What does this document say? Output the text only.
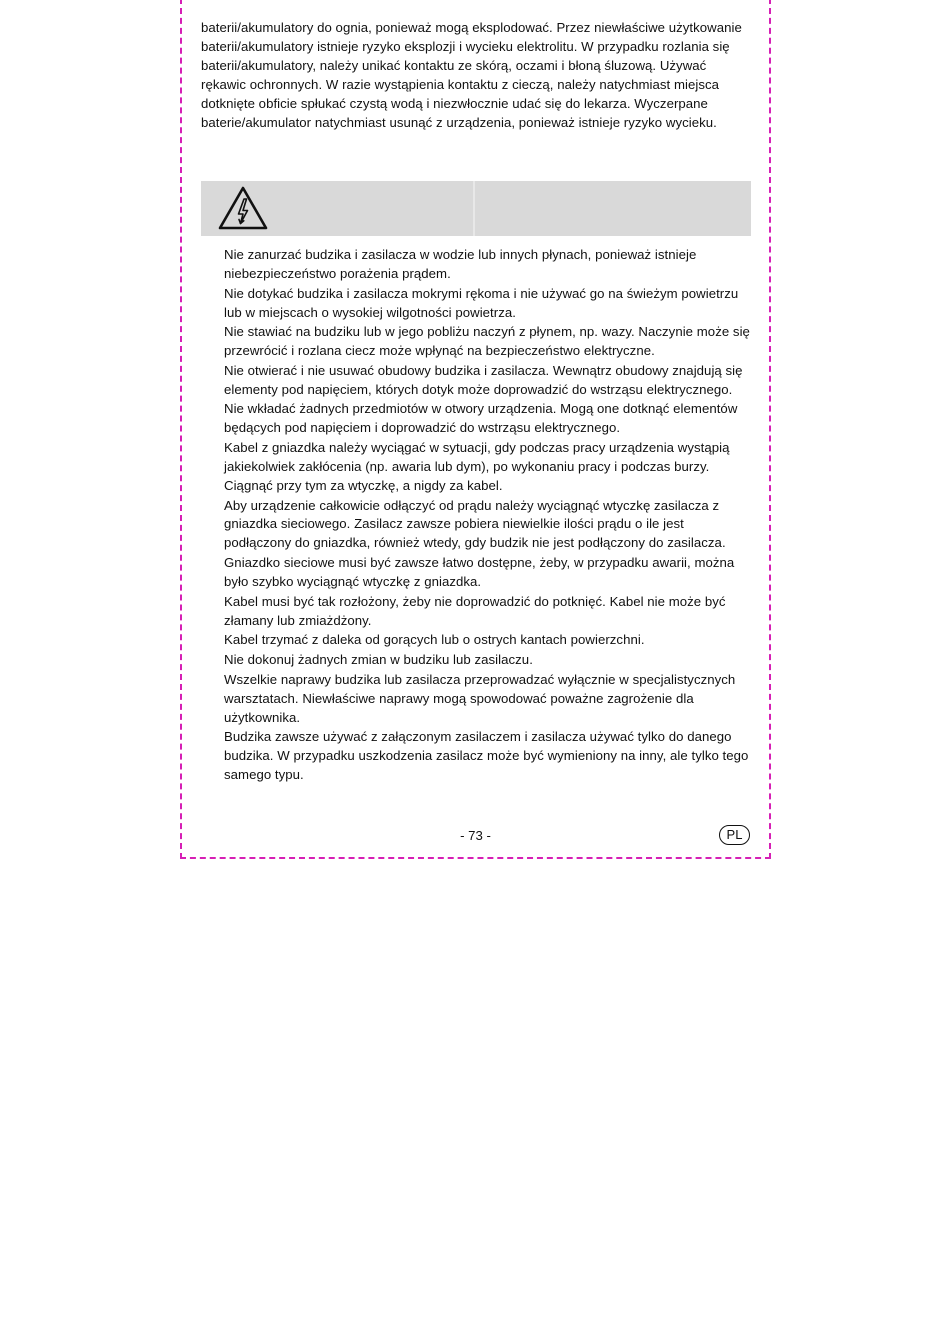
baterii/akumulatory do ognia, ponieważ mogą eksplodować. Przez niewłaściwe użytkowanie baterii/akumulatory istnieje ryzyko eksplozji i wycieku elektrolitu. W przypadku rozlania się baterii/akumulatory, należy unikać kontaktu ze skórą, oczami i błoną śluzową. Używać rękawic ochronnych. W razie wystąpienia kontaktu z cieczą, należy natychmiast miejsca dotknięte obficie spłukać czystą wodą i niezwłocznie udać się do lekarza. Wyczerpane baterie/akumulator natychmiast usunąć z urządzenia, ponieważ istnieje ryzyko wycieku.

Nie zanurzać budzika i zasilacza w wodzie lub innych płynach, ponieważ istnieje niebezpieczeństwo porażenia prądem.
Nie dotykać budzika i zasilacza mokrymi rękoma i nie używać go na świeżym powietrzu lub w miejscach o wysokiej wilgotności powietrza.
Nie stawiać na budziku lub w jego pobliżu naczyń z płynem, np. wazy. Naczynie może się przewrócić i rozlana ciecz może wpłynąć na bezpieczeństwo elektryczne.
Nie otwierać i nie usuwać obudowy budzika i zasilacza. Wewnątrz obudowy znajdują się elementy pod napięciem, których dotyk może doprowadzić do wstrząsu elektrycznego.
Nie wkładać żadnych przedmiotów w otwory urządzenia. Mogą one dotknąć elementów będących pod napięciem i doprowadzić do wstrząsu elektrycznego.
Kabel z gniazdka należy wyciągać w sytuacji, gdy podczas pracy urządzenia wystąpią jakiekolwiek zakłócenia (np. awaria lub dym), po wykonaniu pracy i podczas burzy. Ciągnąć przy tym za wtyczkę, a nigdy za kabel.
Aby urządzenie całkowicie odłączyć od prądu należy wyciągnąć wtyczkę zasilacza z gniazdka sieciowego. Zasilacz zawsze pobiera niewielkie ilości prądu o ile jest podłączony do gniazdka, również wtedy, gdy budzik nie jest podłączony do zasilacza.
Gniazdko sieciowe musi być zawsze łatwo dostępne, żeby, w przypadku awarii, można było szybko wyciągnąć wtyczkę z gniazdka.
Kabel musi być tak rozłożony, żeby nie doprowadzić do potknięć. Kabel nie może być złamany lub zmiażdżony.
Kabel trzymać z daleka od gorących lub o ostrych kantach powierzchni.
Nie dokonuj żadnych zmian w budziku lub zasilaczu.
Wszelkie naprawy budzika lub zasilacza przeprowadzać wyłącznie w specjalistycznych warsztatach. Niewłaściwe naprawy mogą spowodować poważne zagrożenie dla użytkownika.
Budzika zawsze używać z załączonym zasilaczem i zasilacza używać tylko do danego budzika. W przypadku uszkodzenia zasilacz może być wymieniony na inny, ale tylko tego samego typu.
- 73 -	PL
